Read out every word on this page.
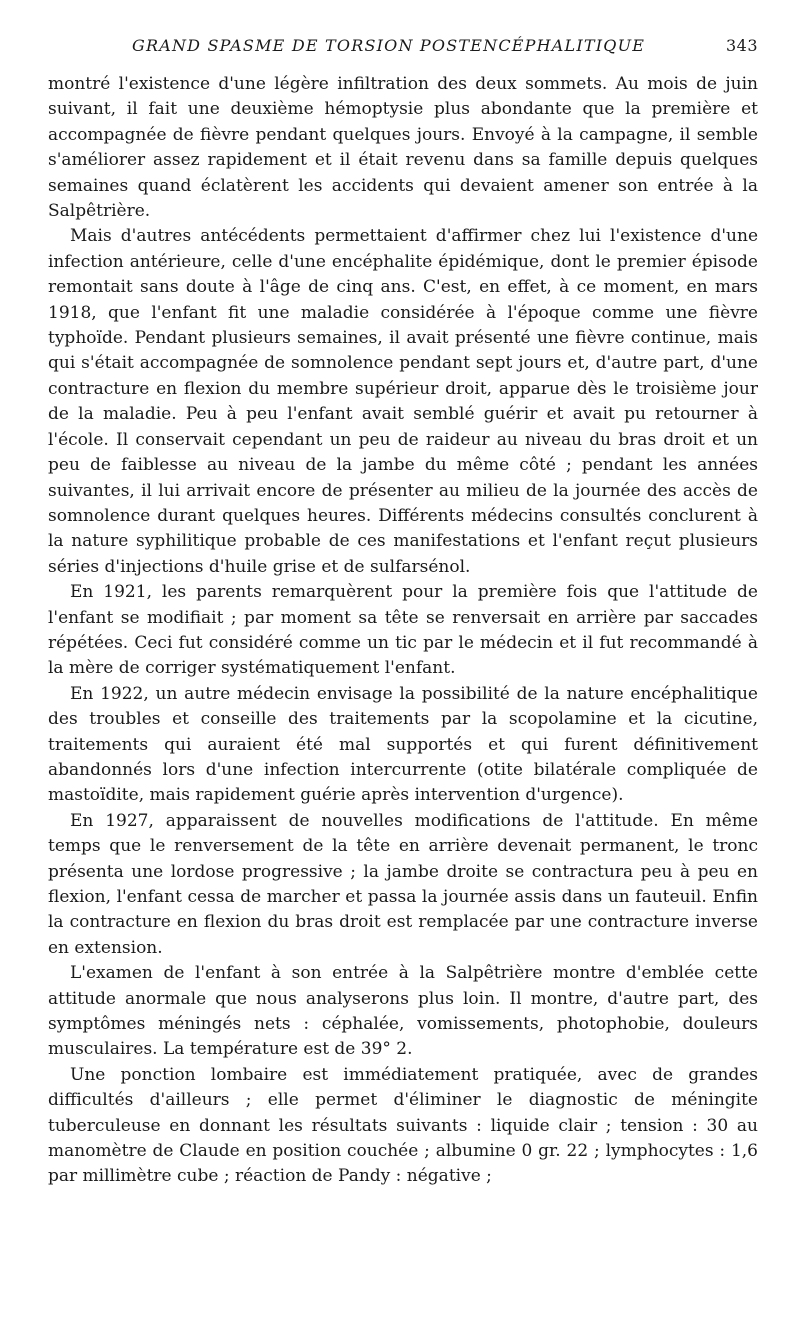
GRAND SPASME DE TORSION POSTENCÉPHALITIQUE	343

montré l'existence d'une légère infiltration des deux sommets. Au mois de juin suivant, il fait une deuxième hémoptysie plus abondante que la première et accompagnée de fièvre pendant quelques jours. Envoyé à la campagne, il semble s'améliorer assez rapidement et il était revenu dans sa famille depuis quelques semaines quand éclatèrent les accidents qui devaient amener son entrée à la Salpêtrière.

Mais d'autres antécédents permettaient d'affirmer chez lui l'existence d'une infection antérieure, celle d'une encéphalite épidémique, dont le premier épisode remontait sans doute à l'âge de cinq ans. C'est, en effet, à ce moment, en mars 1918, que l'enfant fit une maladie considérée à l'époque comme une fièvre typhoïde. Pendant plusieurs semaines, il avait présenté une fièvre continue, mais qui s'était accompagnée de somnolence pendant sept jours et, d'autre part, d'une contracture en flexion du membre supérieur droit, apparue dès le troisième jour de la maladie. Peu à peu l'enfant avait semblé guérir et avait pu retourner à l'école. Il conservait cependant un peu de raideur au niveau du bras droit et un peu de faiblesse au niveau de la jambe du même côté ; pendant les années suivantes, il lui arrivait encore de présenter au milieu de la journée des accès de somnolence durant quelques heures. Différents médecins consultés conclurent à la nature syphilitique probable de ces manifestations et l'enfant reçut plusieurs séries d'injections d'huile grise et de sulfarsénol.

En 1921, les parents remarquèrent pour la première fois que l'attitude de l'enfant se modifiait ; par moment sa tête se renversait en arrière par saccades répétées. Ceci fut considéré comme un tic par le médecin et il fut recommandé à la mère de corriger systématiquement l'enfant.

En 1922, un autre médecin envisage la possibilité de la nature encéphalitique des troubles et conseille des traitements par la scopolamine et la cicutine, traitements qui auraient été mal supportés et qui furent définitivement abandonnés lors d'une infection intercurrente (otite bilatérale compliquée de mastoïdite, mais rapidement guérie après intervention d'urgence).

En 1927, apparaissent de nouvelles modifications de l'attitude. En même temps que le renversement de la tête en arrière devenait permanent, le tronc présenta une lordose progressive ; la jambe droite se contractura peu à peu en flexion, l'enfant cessa de marcher et passa la journée assis dans un fauteuil. Enfin la contracture en flexion du bras droit est remplacée par une contracture inverse en extension.

L'examen de l'enfant à son entrée à la Salpêtrière montre d'emblée cette attitude anormale que nous analyserons plus loin. Il montre, d'autre part, des symptômes méningés nets : céphalée, vomissements, photophobie, douleurs musculaires. La température est de 39° 2.

Une ponction lombaire est immédiatement pratiquée, avec de grandes difficultés d'ailleurs ; elle permet d'éliminer le diagnostic de méningite tuberculeuse en donnant les résultats suivants : liquide clair ; tension : 30 au manomètre de Claude en position couchée ; albumine 0 gr. 22 ; lymphocytes : 1,6 par millimètre cube ; réaction de Pandy : négative ;
